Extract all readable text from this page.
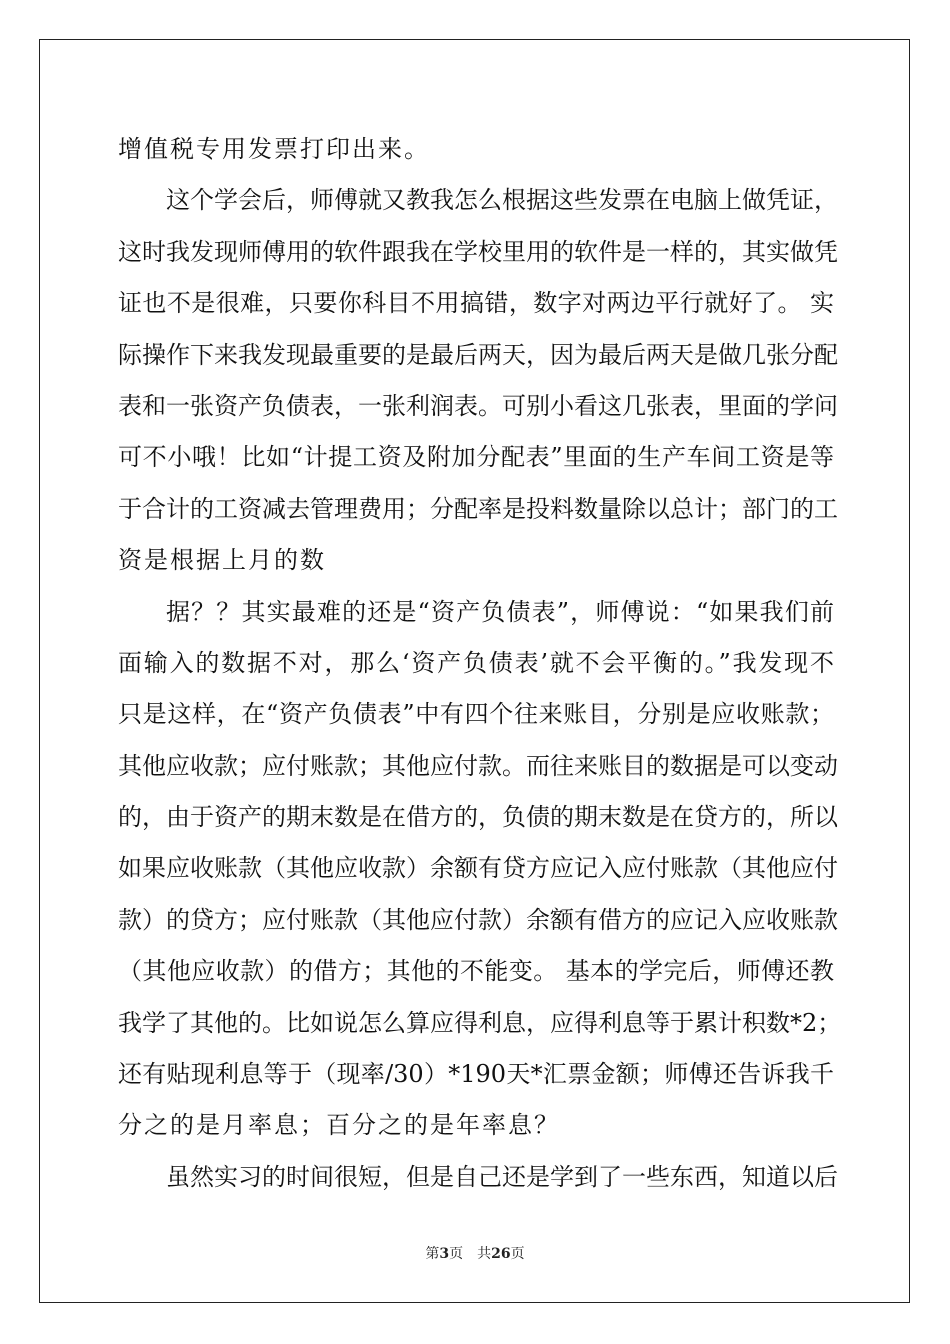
增值税专用发票打印出来。
这个学会后，师傅就又教我怎么根据这些发票在电脑上做凭证，
这时我发现师傅用的软件跟我在学校里用的软件是一样的，其实做凭
证也不是很难，只要你科目不用搞错，数字对两边平行就好了。 实
际操作下来我发现最重要的是最后两天，因为最后两天是做几张分配
表和一张资产负债表，一张利润表。可别小看这几张表，里面的学问
可不小哦！比如“计提工资及附加分配表”里面的生产车间工资是等
于合计的工资减去管理费用；分配率是投料数量除以总计；部门的工
资是根据上月的数
据？？其实最难的还是“资产负债表”，师傅说：“如果我们前
面输入的数据不对，那么‘资产负债表’就不会平衡的。”我发现不
只是这样，在“资产负债表”中有四个往来账目，分别是应收账款；
其他应收款；应付账款；其他应付款。而往来账目的数据是可以变动
的，由于资产的期末数是在借方的，负债的期末数是在贷方的，所以
如果应收账款（其他应收款）余额有贷方应记入应付账款（其他应付
款）的贷方；应付账款（其他应付款）余额有借方的应记入应收账款
（其他应收款）的借方；其他的不能变。 基本的学完后，师傅还教
我学了其他的。比如说怎么算应得利息，应得利息等于累计积数*2；
还有贴现利息等于（现率/30）*190天*汇票金额；师傅还告诉我千
分之的是月率息；百分之的是年率息？
虽然实习的时间很短，但是自己还是学到了一些东西，知道以后
第3页 共26页
